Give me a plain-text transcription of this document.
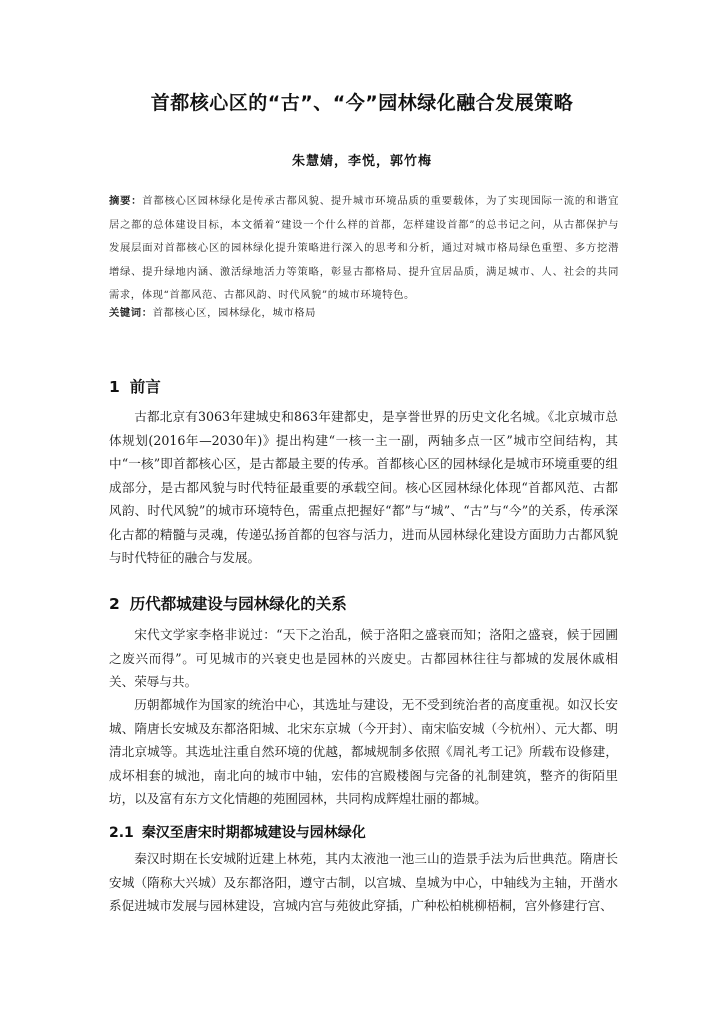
首都核心区的“古”、“今”园林绿化融合发展策略
朱慧婧，李悦，郭竹梅
摘要：首都核心区园林绿化是传承古都风貌、提升城市环境品质的重要载体，为了实现国际一流的和谐宜居之都的总体建设目标，本文循着“建设一个什么样的首都，怎样建设首都”的总书记之问，从古都保护与发展层面对首都核心区的园林绿化提升策略进行深入的思考和分析，通过对城市格局绿色重塑、多方挖潜增绿、提升绿地内涵、激活绿地活力等策略，彰显古都格局、提升宜居品质，满足城市、人、社会的共同需求，体现“首都风范、古都风韵、时代风貌”的城市环境特色。
关键词：首都核心区，园林绿化，城市格局
1 前言

古都北京有3063年建城史和863年建都史，是享誉世界的历史文化名城。《北京城市总体规划(2016年—2030年)》提出构建“一核一主一副，两轴多点一区”城市空间结构，其中“一核”即首都核心区，是古都最主要的传承。首都核心区的园林绿化是城市环境重要的组成部分，是古都风貌与时代特征最重要的承载空间。核心区园林绿化体现“首都风范、古都风韵、时代风貌”的城市环境特色，需重点把握好“都”与“城”、“古”与“今”的关系，传承深化古都的精髓与灵魂，传递弘扬首都的包容与活力，进而从园林绿化建设方面助力古都风貌与时代特征的融合与发展。

2 历代都城建设与园林绿化的关系

宋代文学家李格非说过：“天下之治乱，候于洛阳之盛衰而知；洛阳之盛衰，候于园圃之废兴而得”。可见城市的兴衰史也是园林的兴废史。古都园林往往与都城的发展休戚相关、荣辱与共。

历朝都城作为国家的统治中心，其选址与建设，无不受到统治者的高度重视。如汉长安城、隋唐长安城及东都洛阳城、北宋东京城（今开封）、南宋临安城（今杭州）、元大都、明清北京城等。其选址注重自然环境的优越，都城规制多依照《周礼考工记》所载布设修建，成坏相套的城池，南北向的城市中轴，宏伟的宫殿楼阁与完备的礼制建筑，整齐的街陌里坊，以及富有东方文化情趣的苑囿园林，共同构成辉煌壮丽的都城。

2.1 秦汉至唐宋时期都城建设与园林绿化

秦汉时期在长安城附近建上林苑，其内太液池一池三山的造景手法为后世典范。隋唐长安城（隋称大兴城）及东都洛阳，遵守古制，以宫城、皇城为中心，中轴线为主轴，开凿水系促进城市发展与园林建设，宫城内宫与苑彼此穿插，广种松柏桃柳梧桐，宫外修建行宫、
